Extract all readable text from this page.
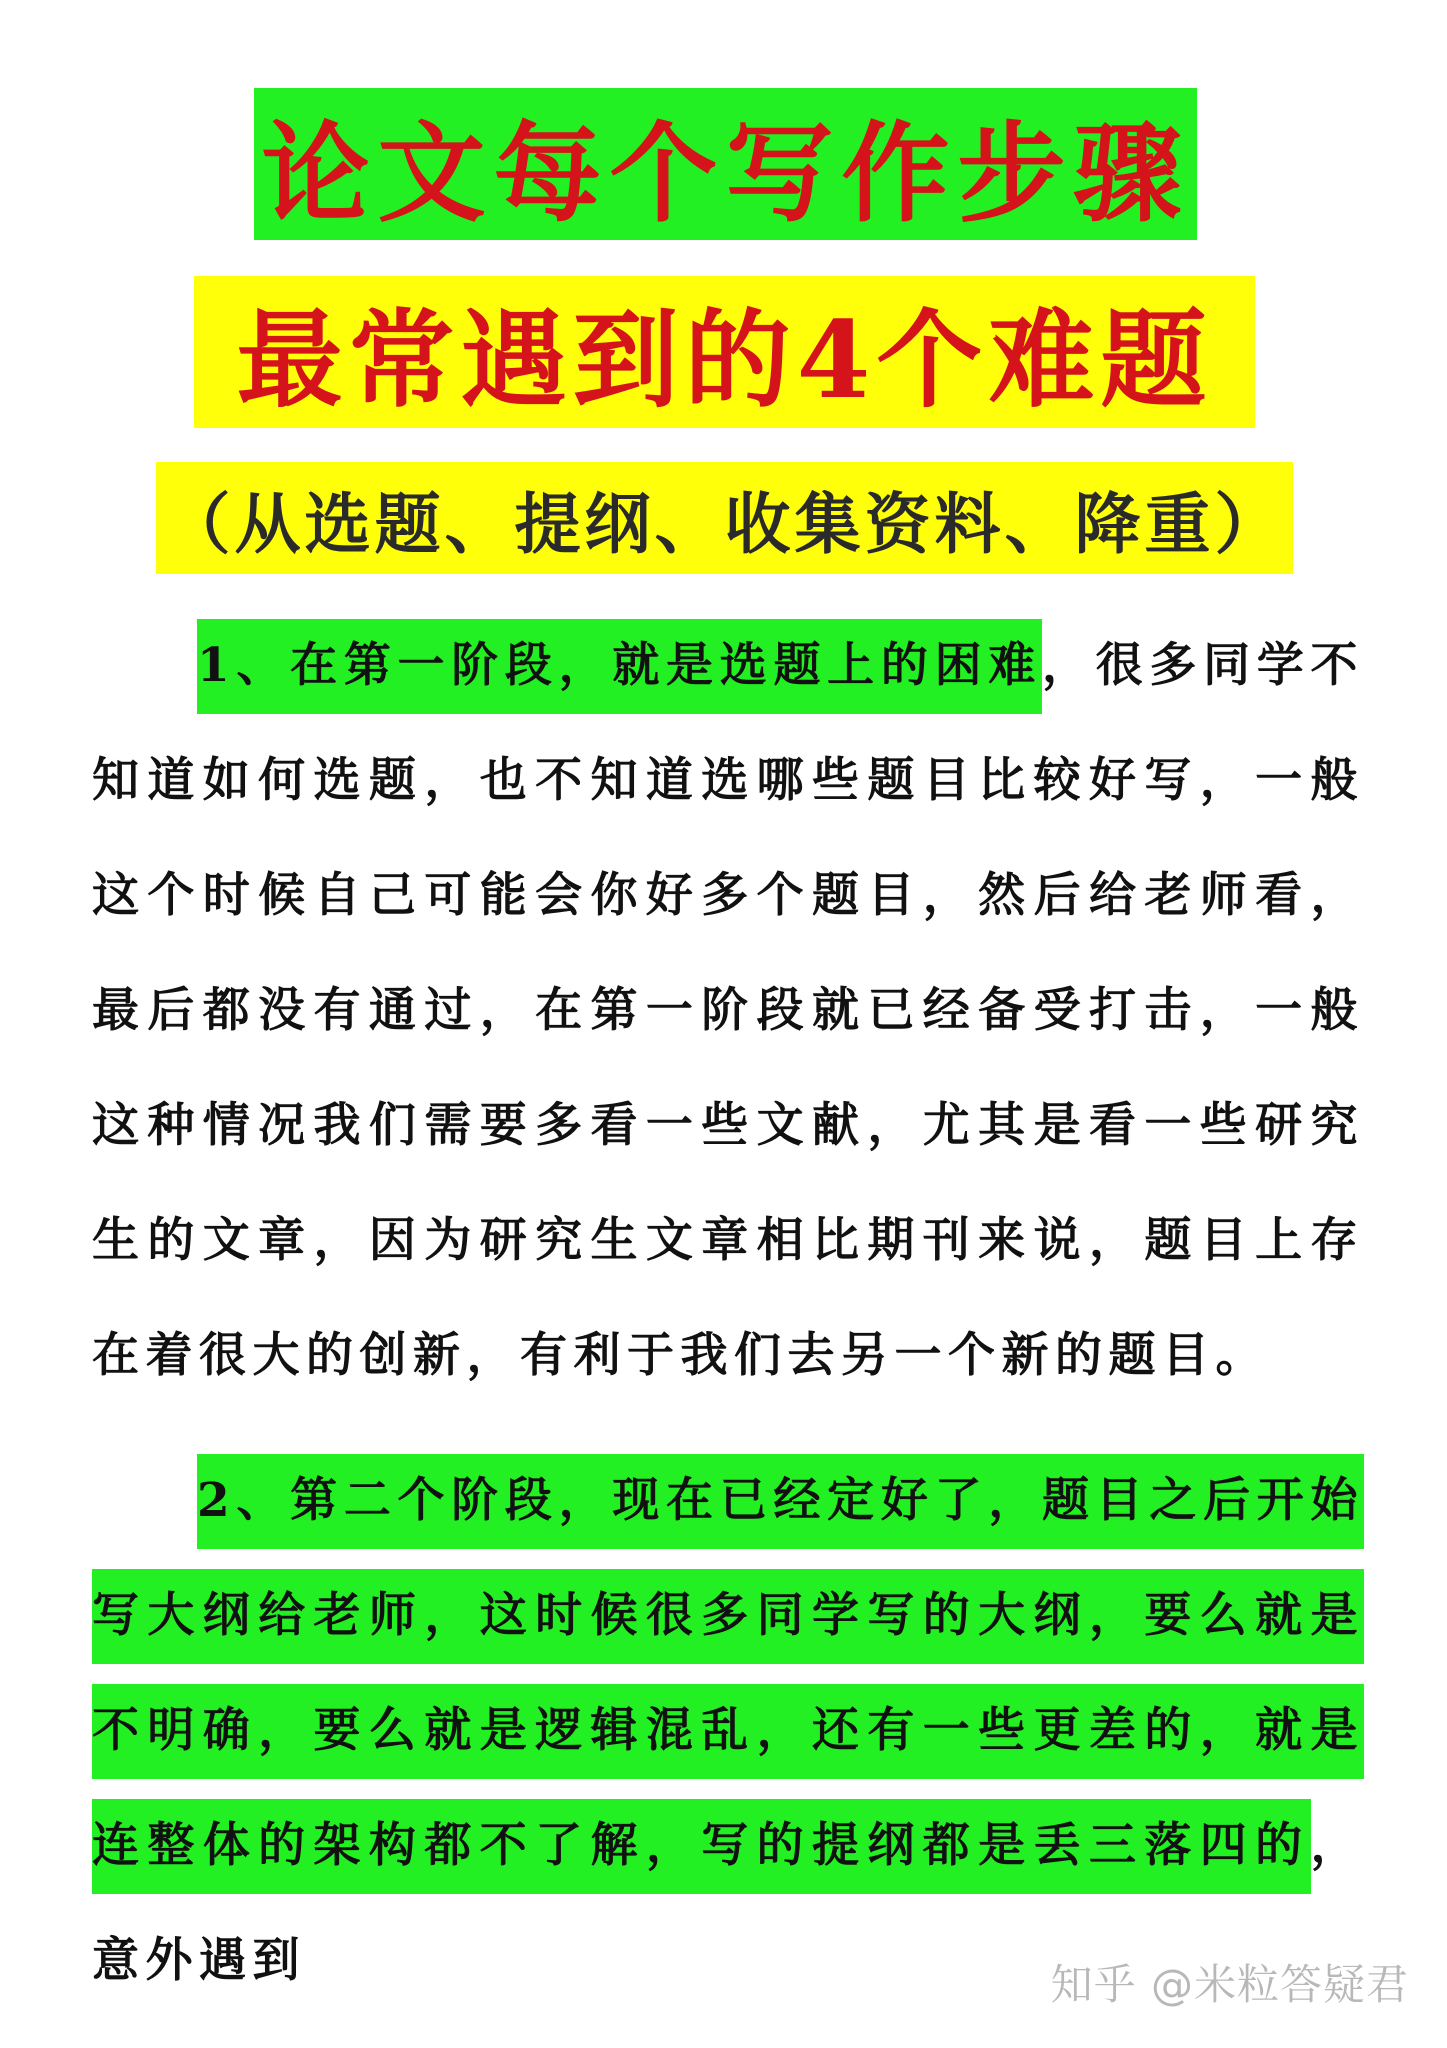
论文每个写作步骤
最常遇到的4个难题
（从选题、提纲、收集资料、降重）

1、在第一阶段，就是选题上的困难，很多同学不知道如何选题，也不知道选哪些题目比较好写，一般这个时候自己可能会你好多个题目，然后给老师看，最后都没有通过，在第一阶段就已经备受打击，一般这种情况我们需要多看一些文献，尤其是看一些研究生的文章，因为研究生文章相比期刊来说，题目上存在着很大的创新，有利于我们去另一个新的题目。

2、第二个阶段，现在已经定好了，题目之后开始写大纲给老师，这时候很多同学写的大纲，要么就是不明确，要么就是逻辑混乱，还有一些更差的，就是连整体的架构都不了解，写的提纲都是丢三落四的，意外遇到	知乎 @米粒答疑君
